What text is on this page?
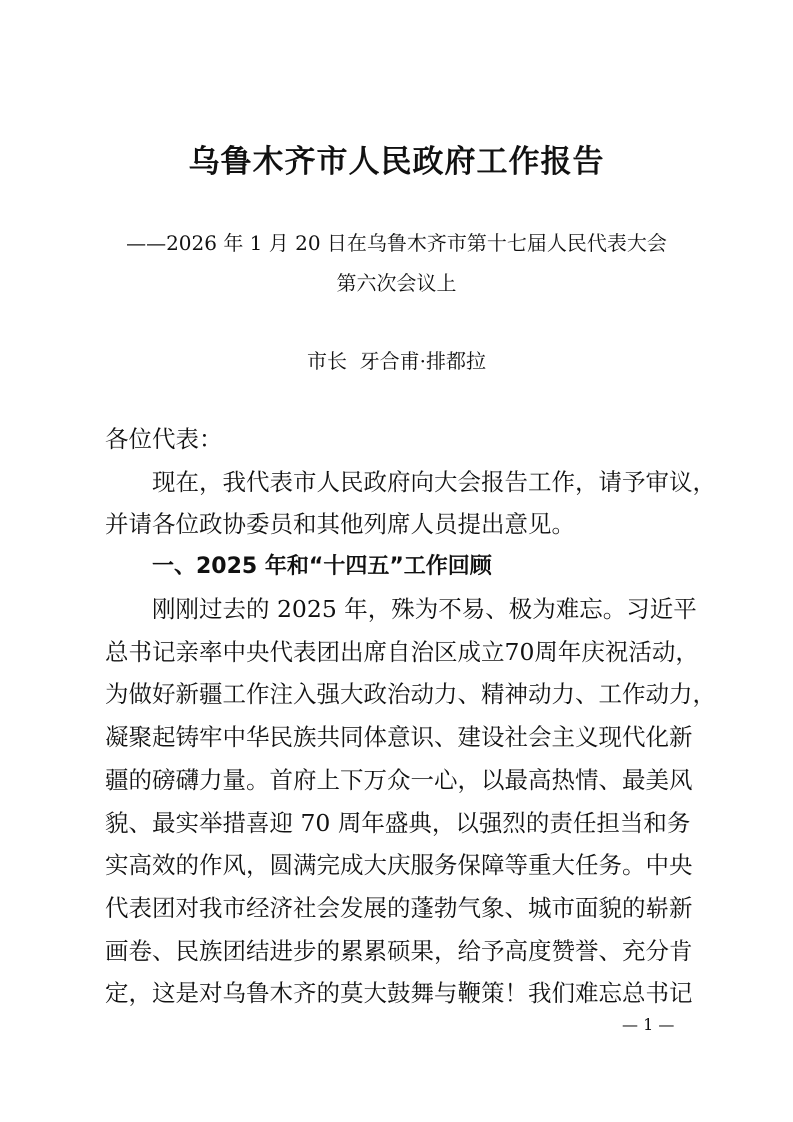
乌鲁木齐市人民政府工作报告
——2026 年 1 月 20 日在乌鲁木齐市第十七届人民代表大会
第六次会议上
市长  牙合甫·排都拉
各位代表：
现在，我代表市人民政府向大会报告工作，请予审议，
并请各位政协委员和其他列席人员提出意见。
一、2025 年和“十四五”工作回顾
刚刚过去的 2025 年，殊为不易、极为难忘。习近平
总书记亲率中央代表团出席自治区成立70周年庆祝活动，
为做好新疆工作注入强大政治动力、精神动力、工作动力，
凝聚起铸牢中华民族共同体意识、建设社会主义现代化新
疆的磅礴力量。首府上下万众一心，以最高热情、最美风
貌、最实举措喜迎 70 周年盛典，以强烈的责任担当和务
实高效的作风，圆满完成大庆服务保障等重大任务。中央
代表团对我市经济社会发展的蓬勃气象、城市面貌的崭新
画卷、民族团结进步的累累硕果，给予高度赞誉、充分肯
定，这是对乌鲁木齐的莫大鼓舞与鞭策！我们难忘总书记
— 1 —
